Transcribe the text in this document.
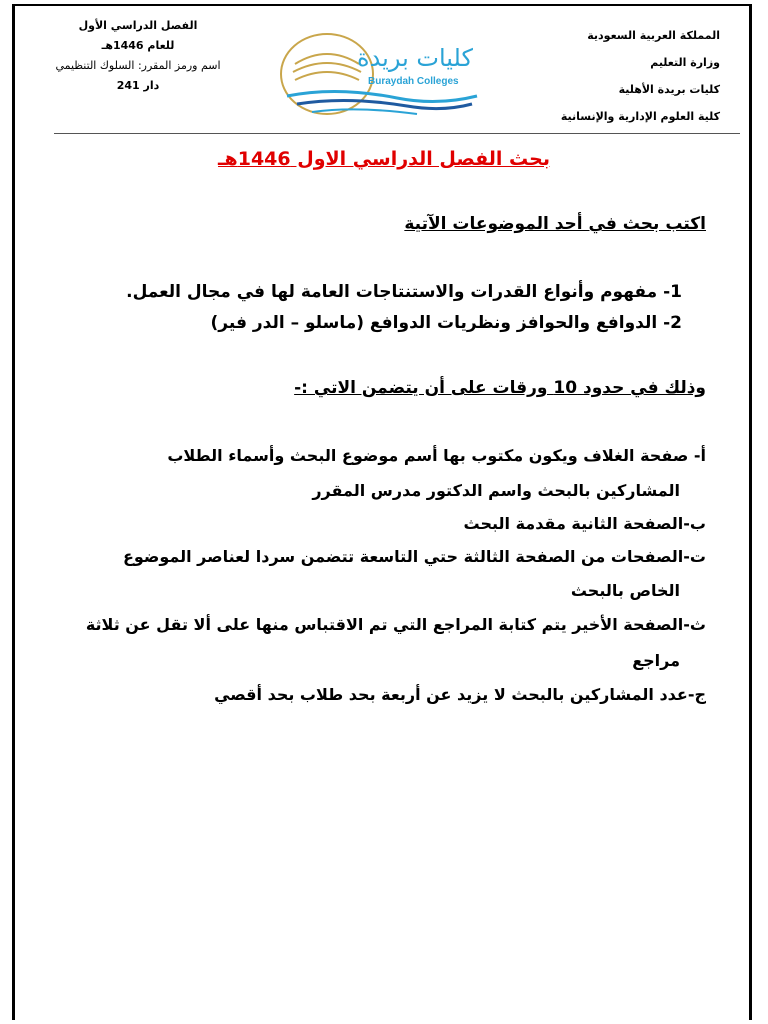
المملكة العربية السعودية
وزارة التعليم
كليات بريدة الأهلية
كلية العلوم الإدارية والإنسانية
الفصل الدراسي الأول
للعام 1446هـ
اسم ورمز المقرر: السلوك التنظيمي
دار 241
كليات بريدة
Buraydah Colleges
بحث الفصل الدراسي الاول 1446هـ
اكتب بحث في أحد الموضوعات الآتية
1- مفهوم وأنواع القدرات والاستنتاجات العامة لها في مجال العمل.
2- الدوافع والحوافز ونظريات الدوافع (ماسلو – الدر فير)
وذلك في حدود 10 ورقات على أن يتضمن الاتي :-
أ- صفحة الغلاف ويكون مكتوب بها أسم موضوع البحث وأسماء الطلاب
المشاركين بالبحث واسم الدكتور مدرس المقرر
ب-الصفحة الثانية مقدمة البحث
ت-الصفحات من الصفحة الثالثة حتي التاسعة تتضمن سردا لعناصر الموضوع
الخاص بالبحث
ث-الصفحة الأخير يتم كتابة المراجع التي تم الاقتباس منها على ألا تقل عن ثلاثة
مراجع
ج-عدد المشاركين بالبحث لا يزيد عن أربعة بحد طلاب بحد أقصي
